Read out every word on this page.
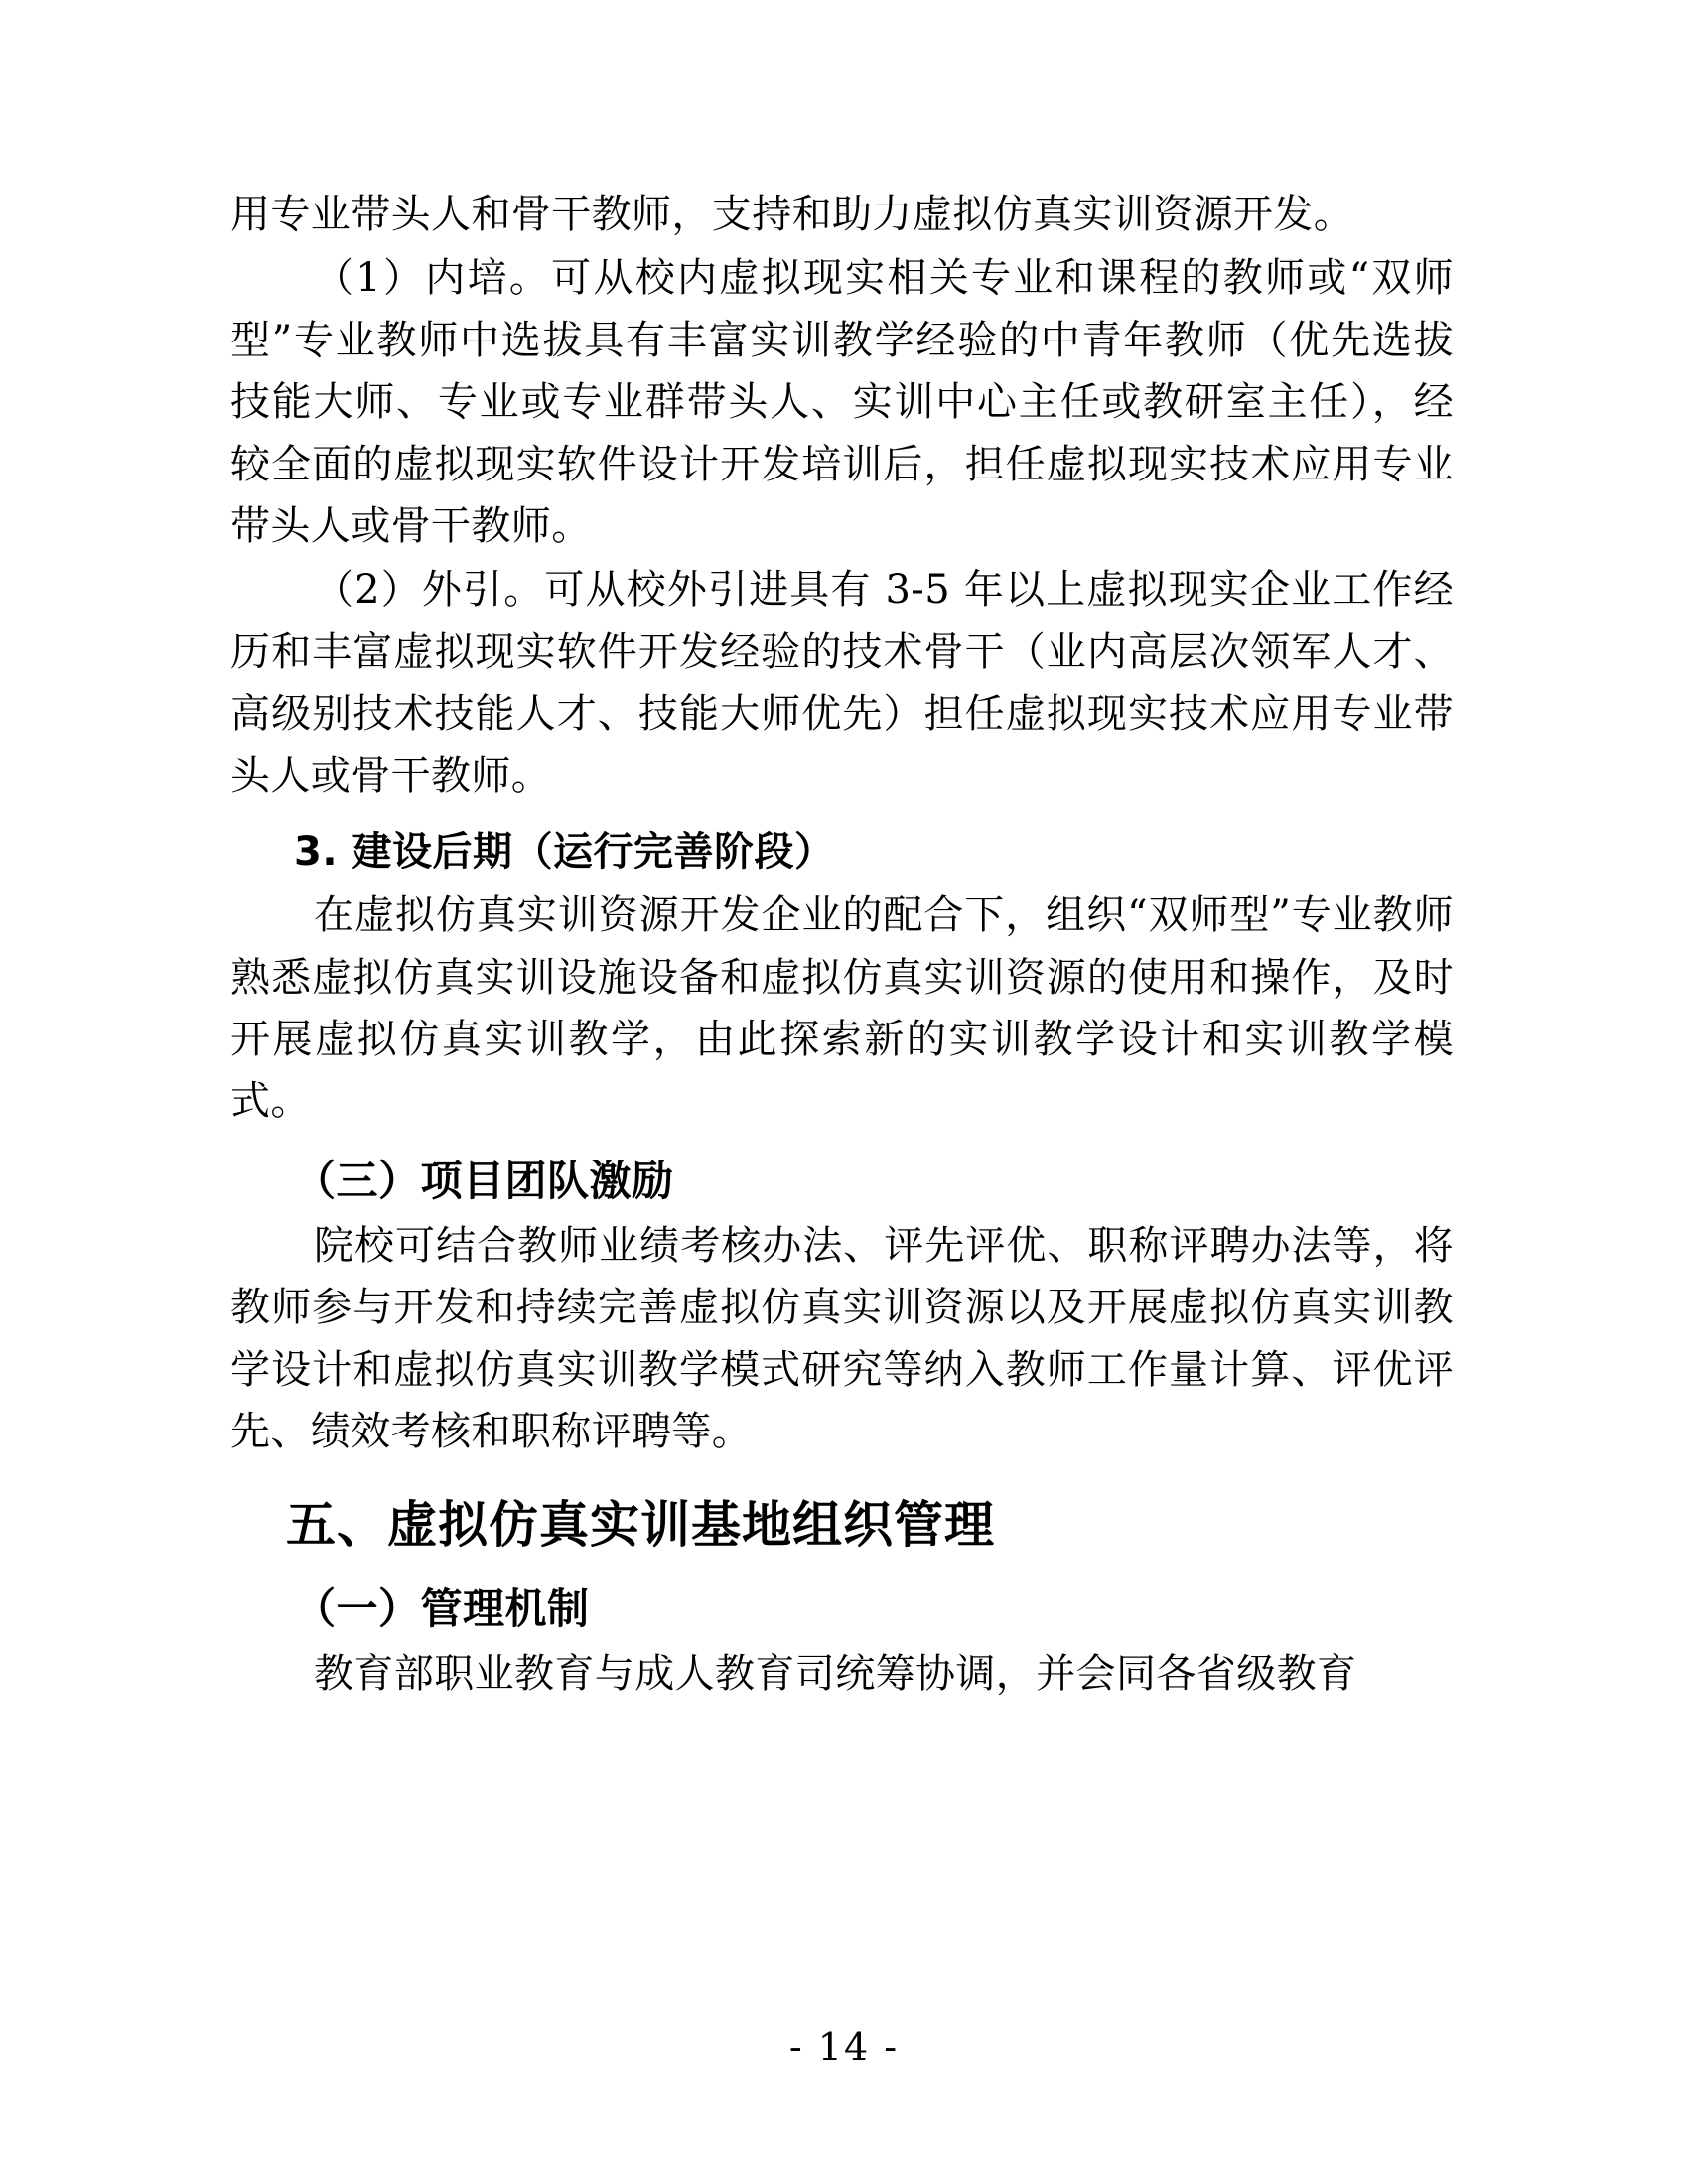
用专业带头人和骨干教师，支持和助力虚拟仿真实训资源开发。

（1）内培。可从校内虚拟现实相关专业和课程的教师或“双师型”专业教师中选拔具有丰富实训教学经验的中青年教师（优先选拔技能大师、专业或专业群带头人、实训中心主任或教研室主任），经较全面的虚拟现实软件设计开发培训后，担任虚拟现实技术应用专业带头人或骨干教师。

（2）外引。可从校外引进具有 3-5 年以上虚拟现实企业工作经历和丰富虚拟现实软件开发经验的技术骨干（业内高层次领军人才、高级别技术技能人才、技能大师优先）担任虚拟现实技术应用专业带头人或骨干教师。

3. 建设后期（运行完善阶段）

在虚拟仿真实训资源开发企业的配合下，组织“双师型”专业教师熟悉虚拟仿真实训设施设备和虚拟仿真实训资源的使用和操作，及时开展虚拟仿真实训教学，由此探索新的实训教学设计和实训教学模式。

（三）项目团队激励

院校可结合教师业绩考核办法、评先评优、职称评聘办法等，将教师参与开发和持续完善虚拟仿真实训资源以及开展虚拟仿真实训教学设计和虚拟仿真实训教学模式研究等纳入教师工作量计算、评优评先、绩效考核和职称评聘等。

五、虚拟仿真实训基地组织管理
（一）管理机制

教育部职业教育与成人教育司统筹协调，并会同各省级教育

- 14 -
